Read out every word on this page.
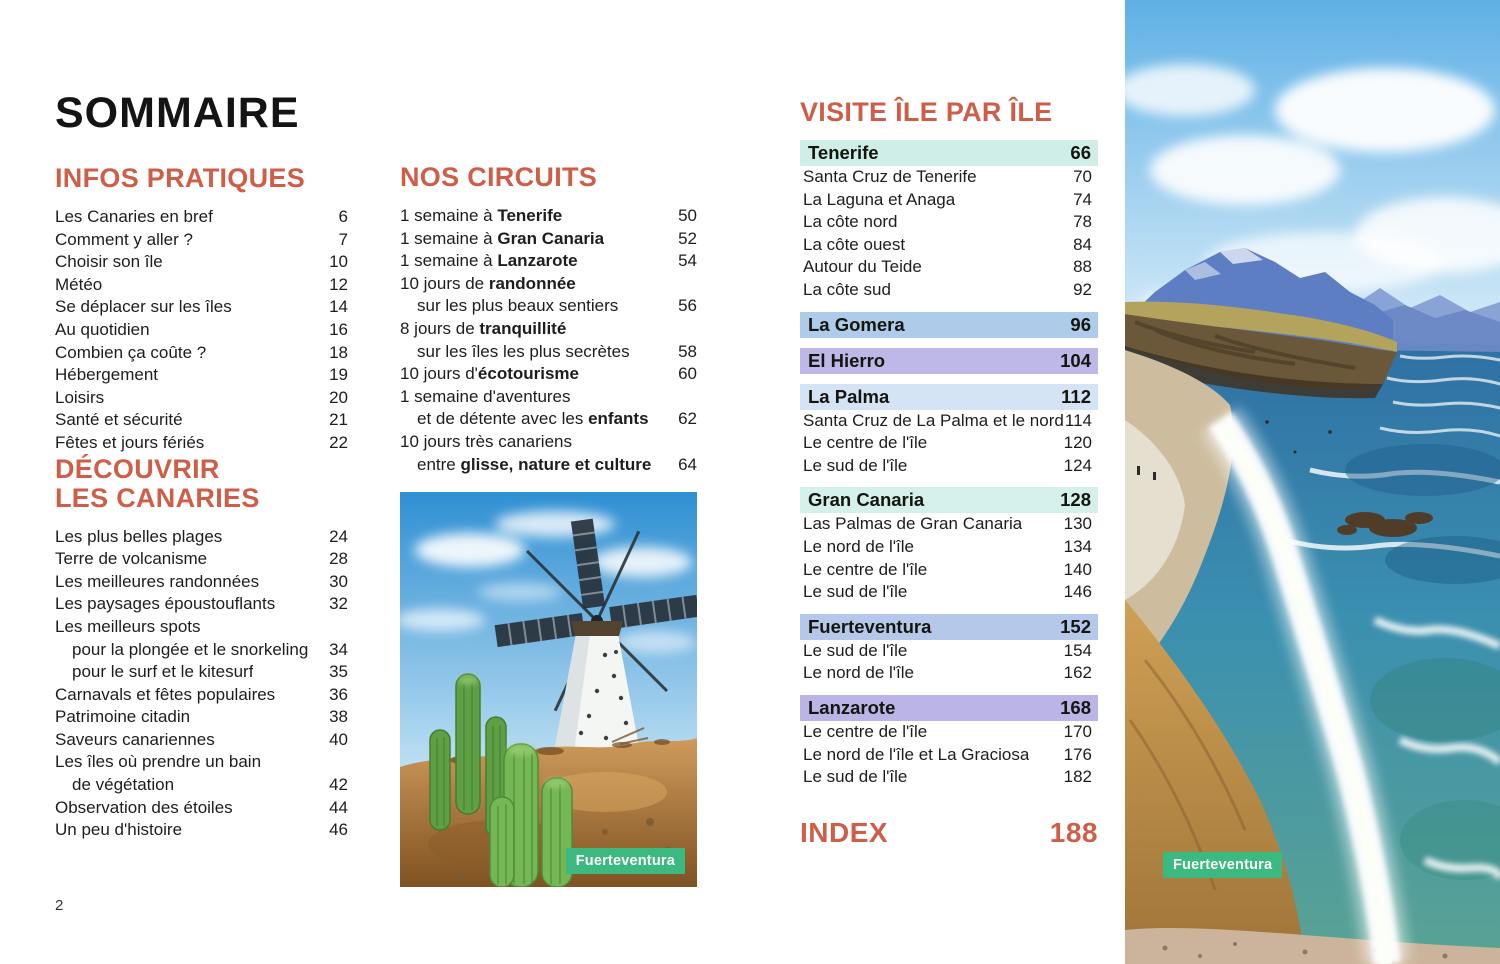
SOMMAIRE
INFOS PRATIQUES
Les Canaries en bref	6
Comment y aller ?	7
Choisir son île	10
Météo	12
Se déplacer sur les îles	14
Au quotidien	16
Combien ça coûte ?	18
Hébergement	19
Loisirs	20
Santé et sécurité	21
Fêtes et jours fériés	22
DÉCOUVRIR
LES CANARIES
Les plus belles plages	24
Terre de volcanisme	28
Les meilleures randonnées	30
Les paysages époustouflants	32
Les meilleurs spots
pour la plongée et le snorkeling	34
pour le surf et le kitesurf	35
Carnavals et fêtes populaires	36
Patrimoine citadin	38
Saveurs canariennes	40
Les îles où prendre un bain
de végétation	42
Observation des étoiles	44
Un peu d'histoire	46
NOS CIRCUITS
1 semaine à Tenerife	50
1 semaine à Gran Canaria	52
1 semaine à Lanzarote	54
10 jours de randonnée
sur les plus beaux sentiers	56
8 jours de tranquillité
sur les îles les plus secrètes	58
10 jours d'écotourisme	60
1 semaine d'aventures
et de détente avec les enfants	62
10 jours très canariens
entre glisse, nature et culture	64
Fuerteventura
VISITE ÎLE PAR ÎLE
Tenerife	66
Santa Cruz de Tenerife	70
La Laguna et Anaga	74
La côte nord	78
La côte ouest	84
Autour du Teide	88
La côte sud	92
La Gomera	96
El Hierro	104
La Palma	112
Santa Cruz de La Palma et le nord 114
Le centre de l'île	120
Le sud de l'île	124
Gran Canaria	128
Las Palmas de Gran Canaria 130
Le nord de l'île	134
Le centre de l'île	140
Le sud de l'île	146
Fuerteventura	152
Le sud de l'île	154
Le nord de l'île	162
Lanzarote	168
Le centre de l'île	170
Le nord de l'île et La Graciosa 176
Le sud de l'île	182
INDEX	188
Fuerteventura
2
